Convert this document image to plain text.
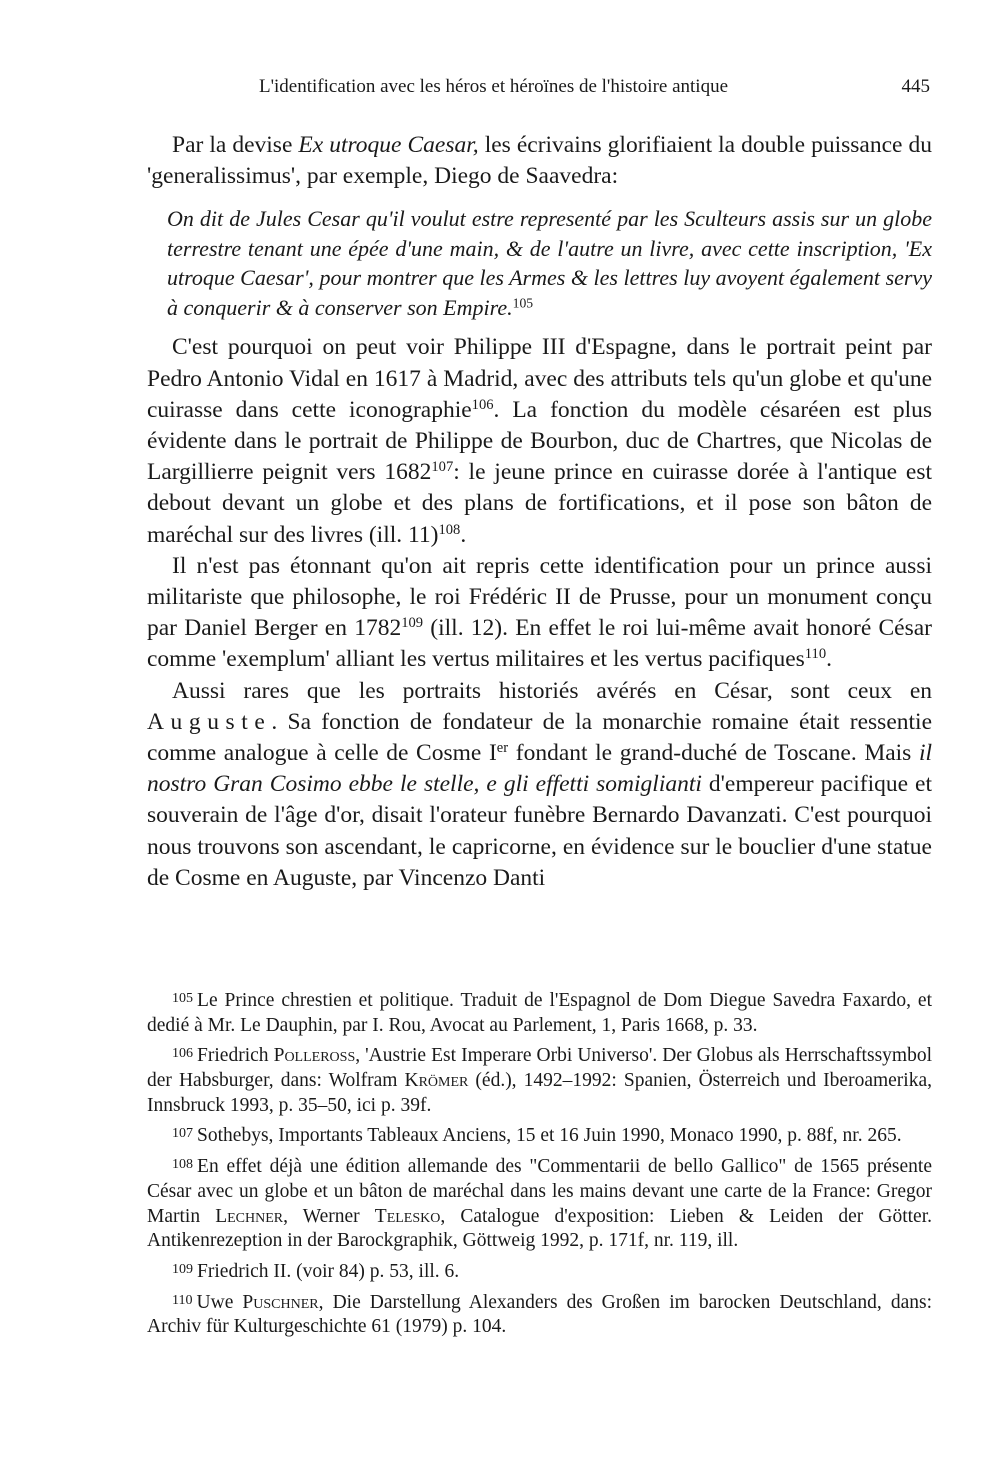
L'identification avec les héros et héroïnes de l'histoire antique	445

Par la devise Ex utroque Caesar, les écrivains glorifiaient la double puissance du 'generalissimus', par exemple, Diego de Saavedra:

On dit de Jules Cesar qu'il voulut estre representé par les Sculteurs assis sur un globe terrestre tenant une épée d'une main, & de l'autre un livre, avec cette inscription, 'Ex utroque Caesar', pour montrer que les Armes & les lettres luy avoyent également servy à conquerir & à conserver son Empire.$^{105}$

C'est pourquoi on peut voir Philippe III d'Espagne, dans le portrait peint par Pedro Antonio Vidal en 1617 à Madrid, avec des attributs tels qu'un globe et qu'une cuirasse dans cette iconographie$^{106}$. La fonction du modèle césaréen est plus évidente dans le portrait de Philippe de Bourbon, duc de Chartres, que Nicolas de Largillierre peignit vers 1682$^{107}$: le jeune prince en cuirasse dorée à l'antique est debout devant un globe et des plans de fortifications, et il pose son bâton de maréchal sur des livres (ill. 11)$^{108}$.

Il n'est pas étonnant qu'on ait repris cette identification pour un prince aussi militariste que philosophe, le roi Frédéric II de Prusse, pour un monument conçu par Daniel Berger en 1782$^{109}$ (ill. 12). En effet le roi lui-même avait honoré César comme 'exemplum' alliant les vertus militaires et les vertus pacifiques$^{110}$.

Aussi rares que les portraits historiés avérés en César, sont ceux en Auguste. Sa fonction de fondateur de la monarchie romaine était ressentie comme analogue à celle de Cosme Ier fondant le grand-duché de Toscane. Mais il nostro Gran Cosimo ebbe le stelle, e gli effetti somiglianti d'empereur pacifique et souverain de l'âge d'or, disait l'orateur funèbre Bernardo Davanzati. C'est pourquoi nous trouvons son ascendant, le capricorne, en évidence sur le bouclier d'une statue de Cosme en Auguste, par Vincenzo Danti

$^{105}$ Le Prince chrestien et politique. Traduit de l'Espagnol de Dom Diegue Savedra Faxardo, et dedié à Mr. Le Dauphin, par I. Rou, Avocat au Parlement, 1, Paris 1668, p. 33.

$^{106}$ Friedrich Polleross, 'Austrie Est Imperare Orbi Universo'. Der Globus als Herrschaftssymbol der Habsburger, dans: Wolfram Krömer (éd.), 1492–1992: Spanien, Österreich und Iberoamerika, Innsbruck 1993, p. 35–50, ici p. 39f.

$^{107}$ Sothebys, Importants Tableaux Anciens, 15 et 16 Juin 1990, Monaco 1990, p. 88f, nr. 265.

$^{108}$ En effet déjà une édition allemande des "Commentarii de bello Gallico" de 1565 présente César avec un globe et un bâton de maréchal dans les mains devant une carte de la France: Gregor Martin Lechner, Werner Telesko, Catalogue d'exposition: Lieben & Leiden der Götter. Antikenrezeption in der Barockgraphik, Göttweig 1992, p. 171f, nr. 119, ill.

$^{109}$ Friedrich II. (voir 84) p. 53, ill. 6.

$^{110}$ Uwe Puschner, Die Darstellung Alexanders des Großen im barocken Deutschland, dans: Archiv für Kulturgeschichte 61 (1979) p. 104.
